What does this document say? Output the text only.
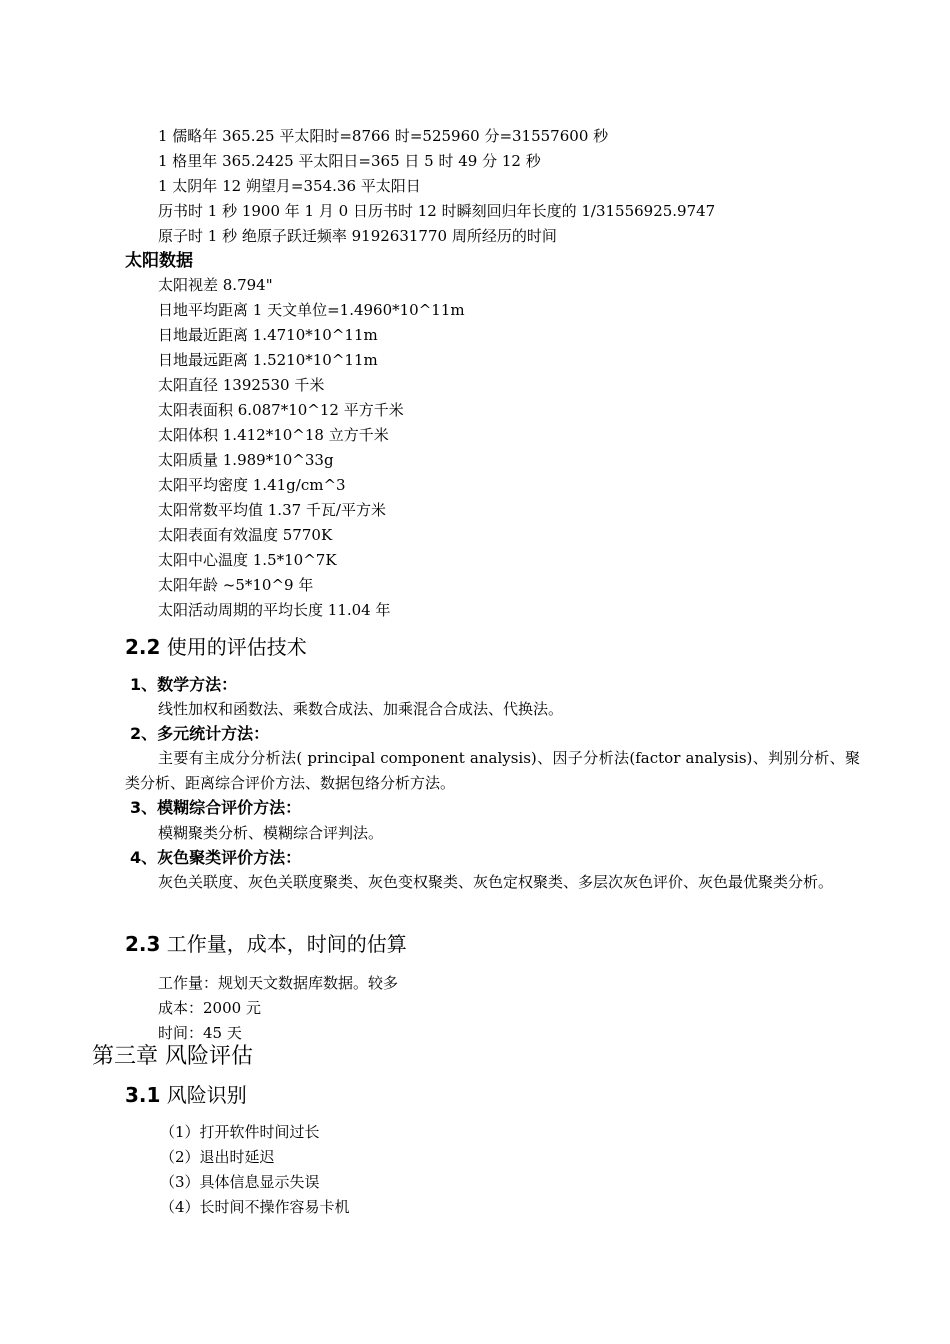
1 儒略年 365.25 平太阳时=8766 时=525960 分=31557600 秒
1 格里年 365.2425 平太阳日=365 日 5 时 49 分 12 秒
1 太阴年 12 朔望月=354.36 平太阳日
历书时 1 秒 1900 年 1 月 0 日历书时 12 时瞬刻回归年长度的 1/31556925.9747
原子时 1 秒 绝原子跃迁频率 9192631770 周所经历的时间
太阳数据
太阳视差 8.794"
日地平均距离 1 天文单位=1.4960*10^11m
日地最近距离 1.4710*10^11m
日地最远距离 1.5210*10^11m
太阳直径 1392530 千米
太阳表面积 6.087*10^12 平方千米
太阳体积 1.412*10^18 立方千米
太阳质量 1.989*10^33g
太阳平均密度 1.41g/cm^3
太阳常数平均值 1.37 千瓦/平方米
太阳表面有效温度 5770K
太阳中心温度 1.5*10^7K
太阳年龄 ~5*10^9 年
太阳活动周期的平均长度 11.04 年
2.2 使用的评估技术
1、数学方法：
线性加权和函数法、乘数合成法、加乘混合合成法、代换法。
2、多元统计方法：
主要有主成分分析法( principal component analysis)、因子分析法(factor analysis)、判别分析、聚类分析、距离综合评价方法、数据包络分析方法。
3、模糊综合评价方法：
模糊聚类分析、模糊综合评判法。
4、灰色聚类评价方法：
灰色关联度、灰色关联度聚类、灰色变权聚类、灰色定权聚类、多层次灰色评价、灰色最优聚类分析。
2.3 工作量，成本，时间的估算
工作量：规划天文数据库数据。较多
成本：2000 元
时间：45 天
第三章 风险评估
3.1 风险识别
（1）打开软件时间过长
（2）退出时延迟
（3）具体信息显示失误
（4）长时间不操作容易卡机
